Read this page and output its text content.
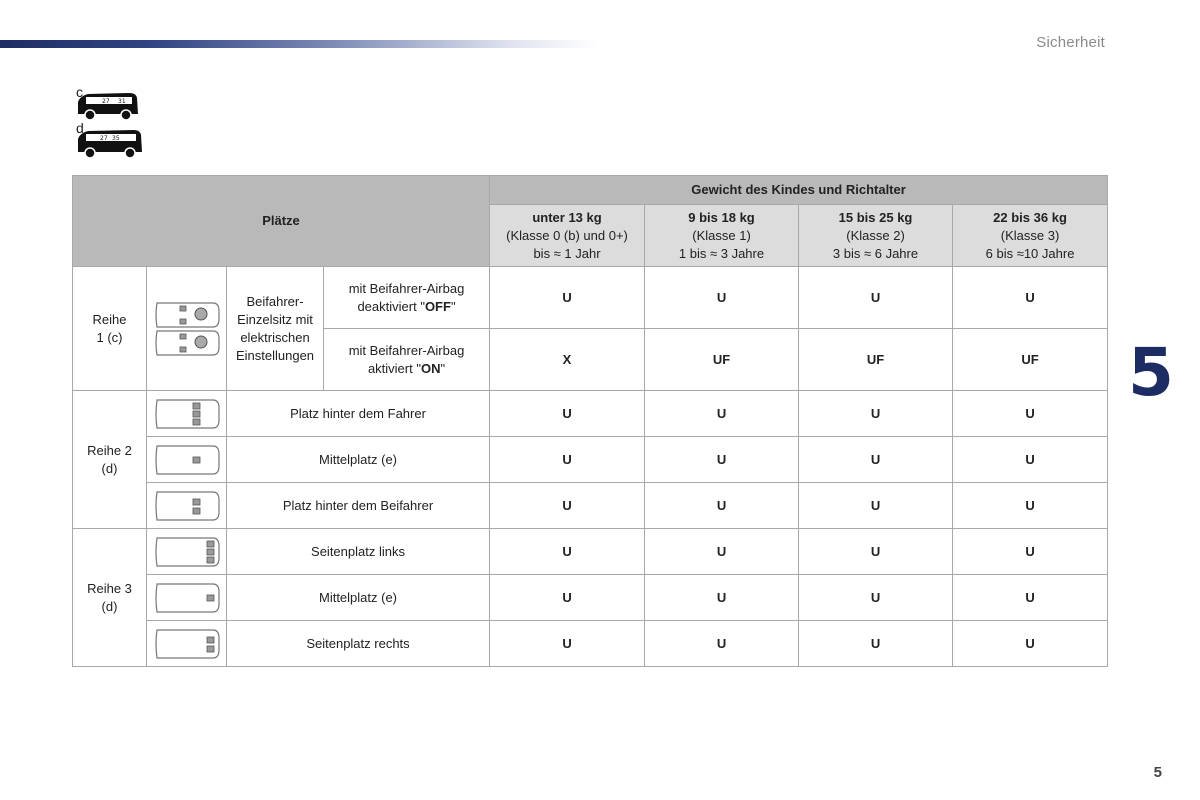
Sicherheit
5
5
c
27 31
d
27 35
Plätze				Gewicht des Kindes und Richtalter			
				unter 13 kg
(Klasse 0 (b) und 0+)
bis ≈ 1 Jahr	9 bis 18 kg
(Klasse 1)
1 bis ≈ 3 Jahre	15 bis 25 kg
(Klasse 2)
3 bis ≈ 6 Jahre	22 bis 36 kg
(Klasse 3)
6 bis ≈10 Jahre
Reihe
1 (c)		Beifahrer-
Einzelsitz mit
elektrischen
Einstellungen	mit Beifahrer-Airbag
deaktiviert "OFF"	U	U	U	U
			mit Beifahrer-Airbag
aktiviert "ON"	X	UF	UF	UF
Reihe 2
(d)		Platz hinter dem Fahrer		U	U	U	U

	Mittelplatz (e)		U	U	U	U

	Platz hinter dem Beifahrer		U	U	U	U
Reihe 3
(d)		Seitenplatz links		U	U	U	U

	Mittelplatz (e)		U	U	U	U

	Seitenplatz rechts		U	U	U	U
